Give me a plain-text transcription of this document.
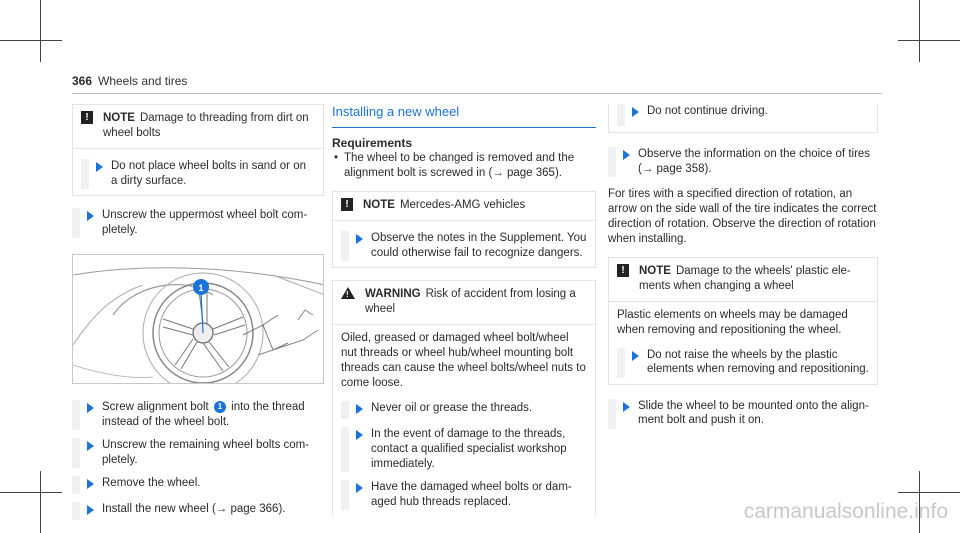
366 Wheels and tires
!	NOTE Damage to threading from dirt on wheel bolts
Do not place wheel bolts in sand or on a dirty surface.
Unscrew the uppermost wheel bolt completely.
1
Screw alignment bolt 1 into the thread instead of the wheel bolt.
Unscrew the remaining wheel bolts completely.
Remove the wheel.
Install the new wheel (→ page 366).
Installing a new wheel
Requirements
• The wheel to be changed is removed and the alignment bolt is screwed in (→ page 365).
!	NOTE Mercedes-AMG vehicles
Observe the notes in the Supplement. You could otherwise fail to recognize dangers.
! WARNING Risk of accident from losing a wheel
Oiled, greased or damaged wheel bolt/wheel nut threads or wheel hub/wheel mounting bolt threads can cause the wheel bolts/wheel nuts to come loose.
Never oil or grease the threads.
In the event of damage to the threads, contact a qualified specialist workshop immediately.
Have the damaged wheel bolts or damaged hub threads replaced.
Do not continue driving.
Observe the information on the choice of tires (→ page 358).
For tires with a specified direction of rotation, an arrow on the side wall of the tire indicates the correct direction of rotation. Observe the direction of rotation when installing.
!	NOTE Damage to the wheels' plastic elements when changing a wheel
Plastic elements on wheels may be damaged when removing and repositioning the wheel.
Do not raise the wheels by the plastic elements when removing and repositioning.
Slide the wheel to be mounted onto the alignment bolt and push it on.
carmanualsonline.info
